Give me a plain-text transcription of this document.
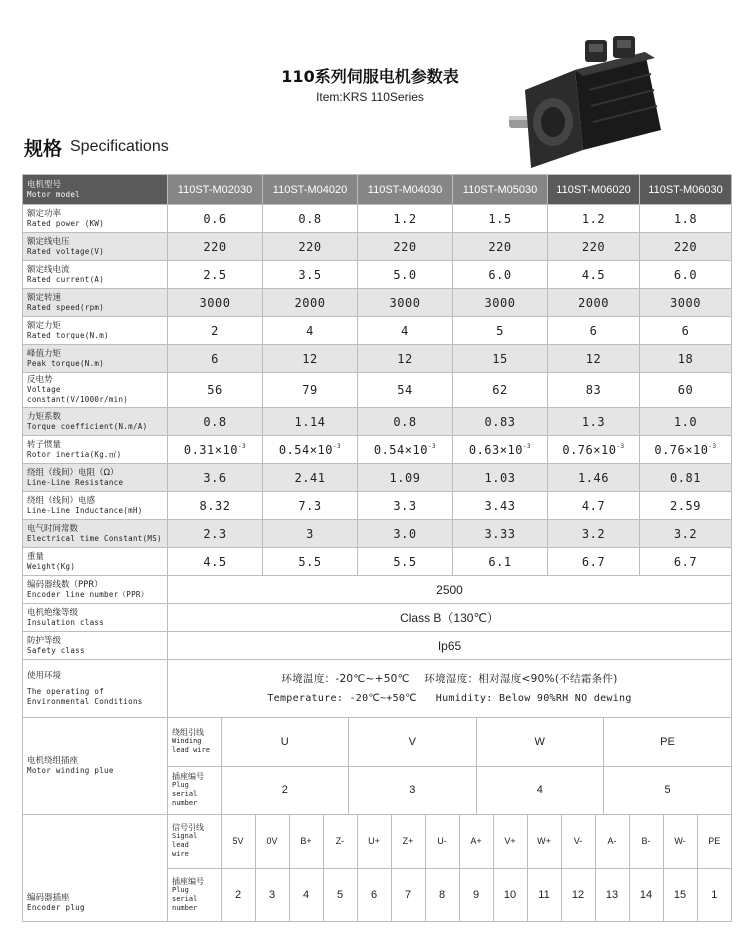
110系列伺服电机参数表
Item:KRS 110Series
规格 Specifications
电机型号
Motor model	110ST-M02030	110ST-M04020	110ST-M04030	110ST-M05030	110ST-M06020	110ST-M06030

额定功率
Rated power (KW)	0.6	0.8	1.2	1.5	1.2	1.8

额定线电压
Rated voltage(V)	220	220	220	220	220	220

额定线电流
Rated current(A)	2.5	3.5	5.0	6.0	4.5	6.0

额定转速
Rated speed(rpm)	3000	2000	3000	3000	2000	3000

额定力矩
Rated torque(N.m)	2	4	4	5	6	6

峰值力矩
Peak torque(N.m)	6	12	12	15	12	18

反电势
Voltage constant(V/1000r/min)
	56	79	54	62	83	60

力矩系数
Torque coefficient(N.m/A)	0.8	1.14	0.8	0.83	1.3	1.0

转子惯量
Rotor inertia(Kg.㎡)	$0.31\times 10^{-3}$	$0.54\times 10^{-3}$	$0.54\times 10^{-3}$	$0.63\times 10^{-3}$	$0.76\times 10^{-3}$	$0.76\times 10^{-3}$

绕组（线间）电阻（Ω）
Line-Line Resistance	3.6	2.41	1.09	1.03	1.46	0.81

绕组（线间）电感
Line-Line Inductance(mH)	8.32	7.3	3.3	3.43	4.7	2.59

电气时间常数
Electrical time Constant(MS)	2.3	3	3.0	3.33	3.2	3.2

重量
Weight(Kg)	4.5	5.5	5.5	6.1	6.7	6.7

编码器线数（PPR）
Encoder line number（PPR）	2500

电机绝缘等级
Insulation class	Class B（130℃）

防护等级
Safety class	Ip65

使用环境
The operating of
Environmental Conditions

环境温度：-20℃~+50℃    环境湿度：相对湿度<90%(不结霜条件)
Temperature: -20℃~+50℃   Humidity: Below 90%RH NO dewing

电机绕组插座
Motor winding plue

绕组引线
Winding
lead wire
	U	V	W	PE

插座编号
Plug serial
number
	2	3	4	5

编码器插座
Encoder plug

信号引线
Signal lead
wire
	5V	0V	B+	Z-	U+	Z+	U-	A+	V+	W+	V-	A-	B-	W-	PE

插座编号
Plug serial
number
	2	3	4	5	6	7	8	9	10	11	12	13	14	15	1
